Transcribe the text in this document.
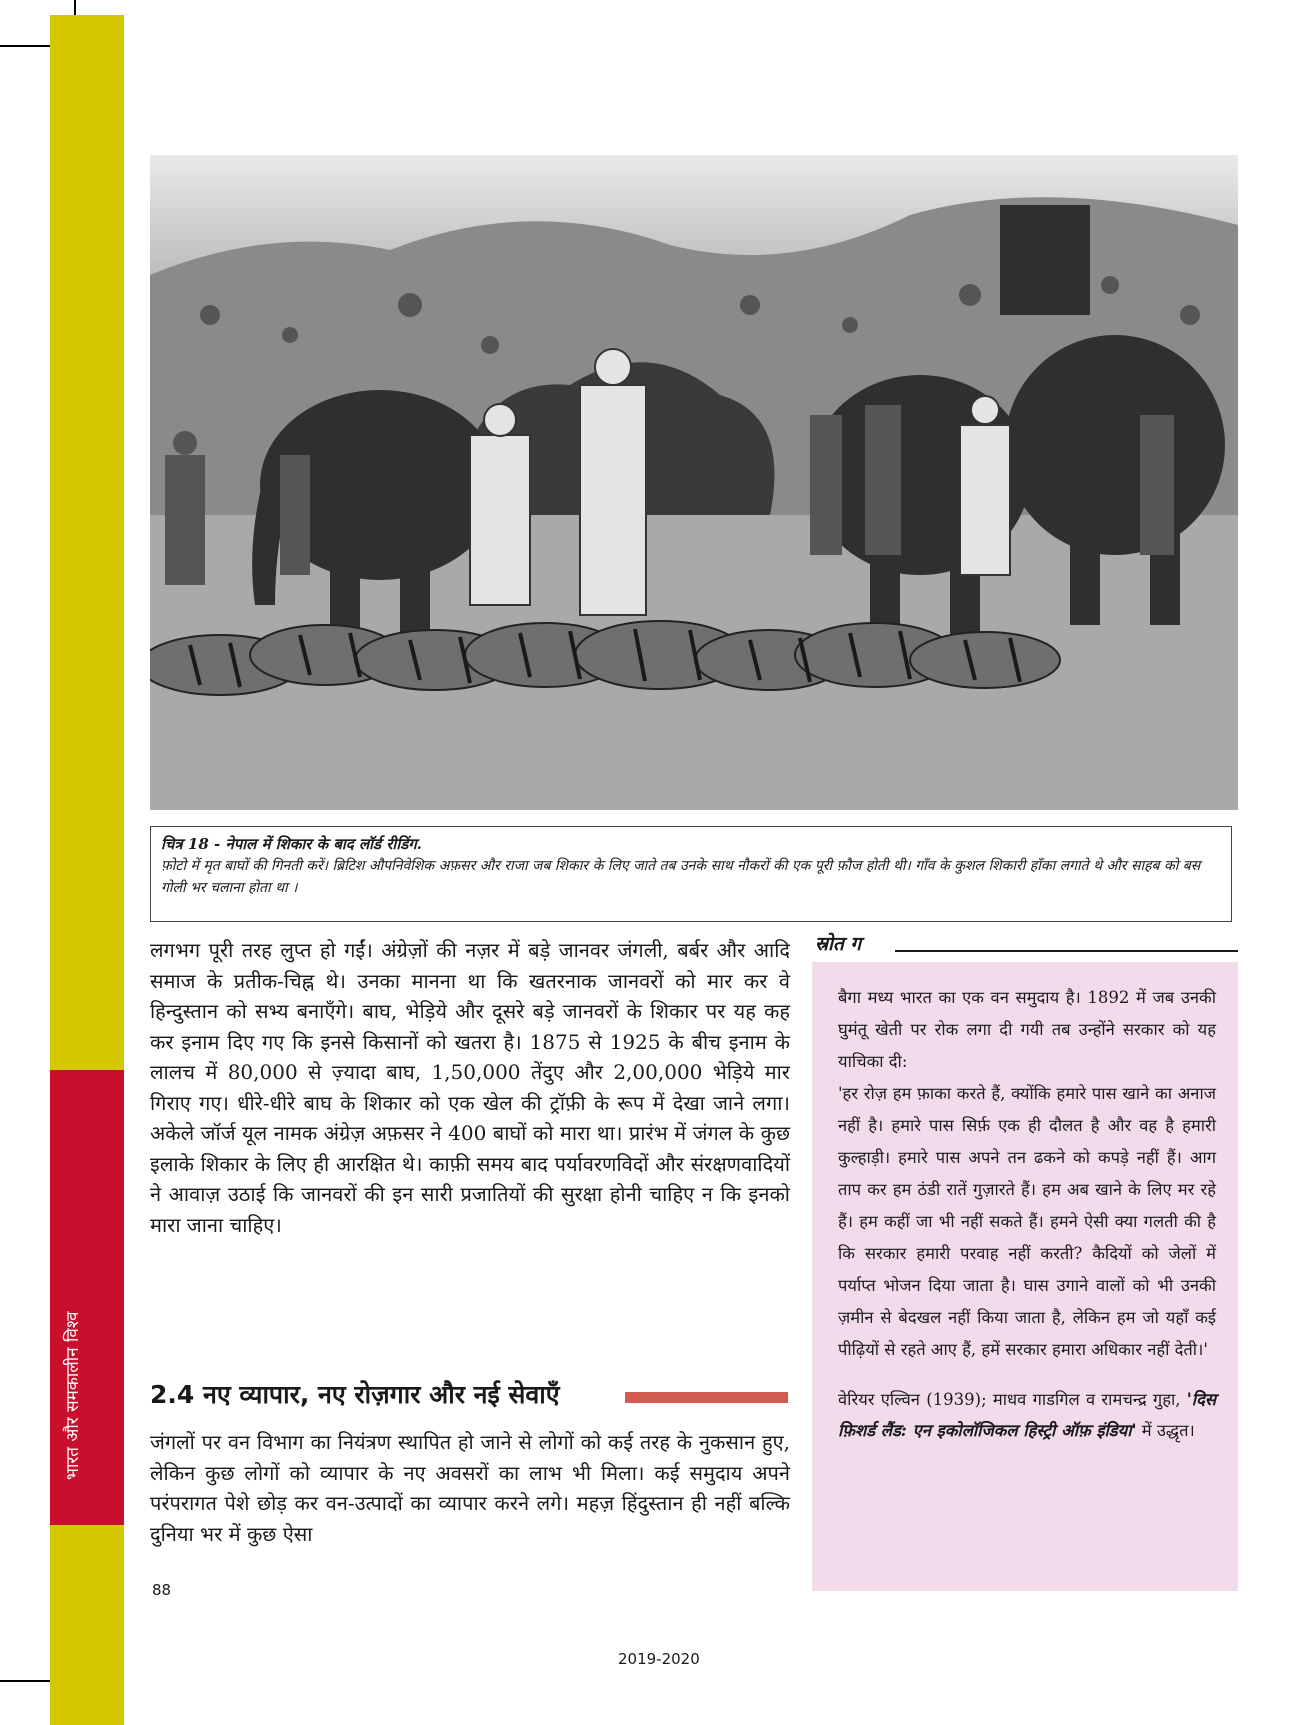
भारत और समकालीन विश्व
चित्र 18 - नेपाल में शिकार के बाद लॉर्ड रीडिंग.
फ़ोटो में मृत बाघों की गिनती करें। ब्रिटिश औपनिवेशिक अफ़सर और राजा जब शिकार के लिए जाते तब उनके साथ नौकरों की एक पूरी फ़ौज होती थी। गाँव के कुशल शिकारी हाँका लगाते थे और साहब को बस गोली भर चलाना होता था ।
लगभग पूरी तरह लुप्त हो गईं। अंग्रेज़ों की नज़र में बड़े जानवर जंगली, बर्बर और आदि समाज के प्रतीक-चिह्न थे। उनका मानना था कि खतरनाक जानवरों को मार कर वे हिन्दुस्तान को सभ्य बनाएँगे। बाघ, भेड़िये और दूसरे बड़े जानवरों के शिकार पर यह कह कर इनाम दिए गए कि इनसे किसानों को खतरा है। 1875 से 1925 के बीच इनाम के लालच में 80,000 से ज़्यादा बाघ, 1,50,000 तेंदुए और 2,00,000 भेड़िये मार गिराए गए। धीरे-धीरे बाघ के शिकार को एक खेल की ट्रॉफ़ी के रूप में देखा जाने लगा। अकेले जॉर्ज यूल नामक अंग्रेज़ अफ़सर ने 400 बाघों को मारा था। प्रारंभ में जंगल के कुछ इलाके शिकार के लिए ही आरक्षित थे। काफ़ी समय बाद पर्यावरणविदों और संरक्षणवादियों ने आवाज़ उठाई कि जानवरों की इन सारी प्रजातियों की सुरक्षा होनी चाहिए न कि इनको मारा जाना चाहिए।
2.4 नए व्यापार, नए रोज़गार और नई सेवाएँ
जंगलों पर वन विभाग का नियंत्रण स्थापित हो जाने से लोगों को कई तरह के नुकसान हुए, लेकिन कुछ लोगों को व्यापार के नए अवसरों का लाभ भी मिला। कई समुदाय अपने परंपरागत पेशे छोड़ कर वन-उत्पादों का व्यापार करने लगे। महज़ हिंदुस्तान ही नहीं बल्कि दुनिया भर में कुछ ऐसा
स्रोत ग

बैगा मध्य भारत का एक वन समुदाय है। 1892 में जब उनकी घुमंतू खेती पर रोक लगा दी गयी तब उन्होंने सरकार को यह याचिका दी:

'हर रोज़ हम फ़ाका करते हैं, क्योंकि हमारे पास खाने का अनाज नहीं है। हमारे पास सिर्फ़ एक ही दौलत है और वह है हमारी कुल्हाड़ी। हमारे पास अपने तन ढकने को कपड़े नहीं हैं। आग ताप कर हम ठंडी रातें गुज़ारते हैं। हम अब खाने के लिए मर रहे हैं। हम कहीं जा भी नहीं सकते हैं। हमने ऐसी क्या गलती की है कि सरकार हमारी परवाह नहीं करती? कैदियों को जेलों में पर्याप्त भोजन दिया जाता है। घास उगाने वालों को भी उनकी ज़मीन से बेदखल नहीं किया जाता है, लेकिन हम जो यहाँ कई पीढ़ियों से रहते आए हैं, हमें सरकार हमारा अधिकार नहीं देती।'

वेरियर एल्विन (1939); माधव गाडगिल व रामचन्द्र गुहा, 'दिस फ़िशर्ड लैंड: एन इकोलॉजिकल हिस्ट्री ऑफ़ इंडिया' में उद्धृत।

88
2019-2020
